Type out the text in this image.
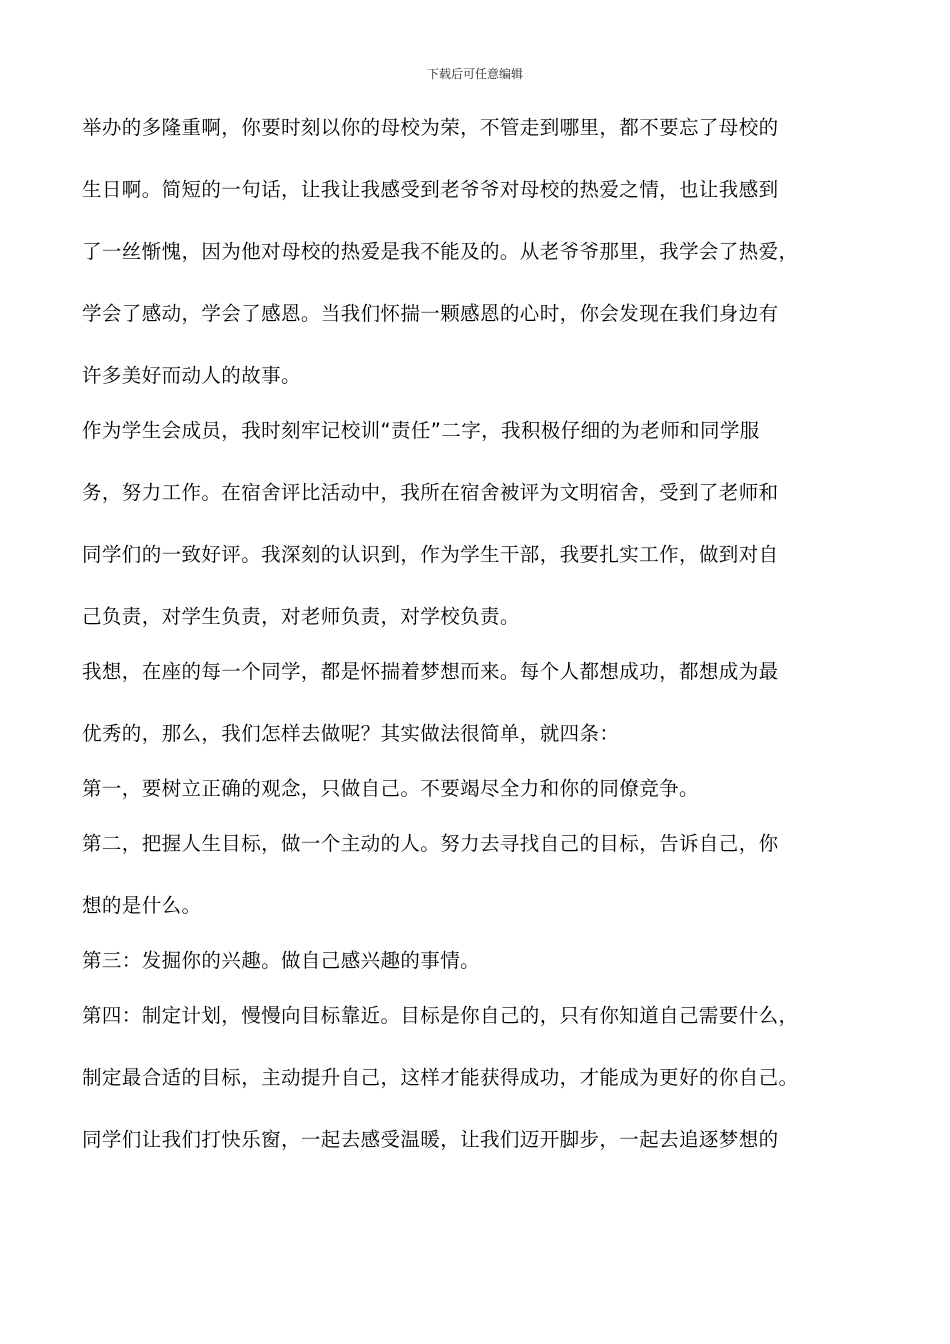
下载后可任意编辑
举办的多隆重啊，你要时刻以你的母校为荣，不管走到哪里，都不要忘了母校的
生日啊。简短的一句话，让我让我感受到老爷爷对母校的热爱之情，也让我感到
了一丝惭愧，因为他对母校的热爱是我不能及的。从老爷爷那里，我学会了热爱，
学会了感动，学会了感恩。当我们怀揣一颗感恩的心时，你会发现在我们身边有
许多美好而动人的故事。
作为学生会成员，我时刻牢记校训“责任”二字，我积极仔细的为老师和同学服
务，努力工作。在宿舍评比活动中，我所在宿舍被评为文明宿舍，受到了老师和
同学们的一致好评。我深刻的认识到，作为学生干部，我要扎实工作，做到对自
己负责，对学生负责，对老师负责，对学校负责。
我想，在座的每一个同学，都是怀揣着梦想而来。每个人都想成功，都想成为最
优秀的，那么，我们怎样去做呢？其实做法很简单，就四条：
第一，要树立正确的观念，只做自己。不要竭尽全力和你的同僚竞争。
第二，把握人生目标，做一个主动的人。努力去寻找自己的目标，告诉自己，你
想的是什么。
第三：发掘你的兴趣。做自己感兴趣的事情。
第四：制定计划，慢慢向目标靠近。目标是你自己的，只有你知道自己需要什么，
制定最合适的目标，主动提升自己，这样才能获得成功，才能成为更好的你自己。
同学们让我们打快乐窗，一起去感受温暖，让我们迈开脚步，一起去追逐梦想的
